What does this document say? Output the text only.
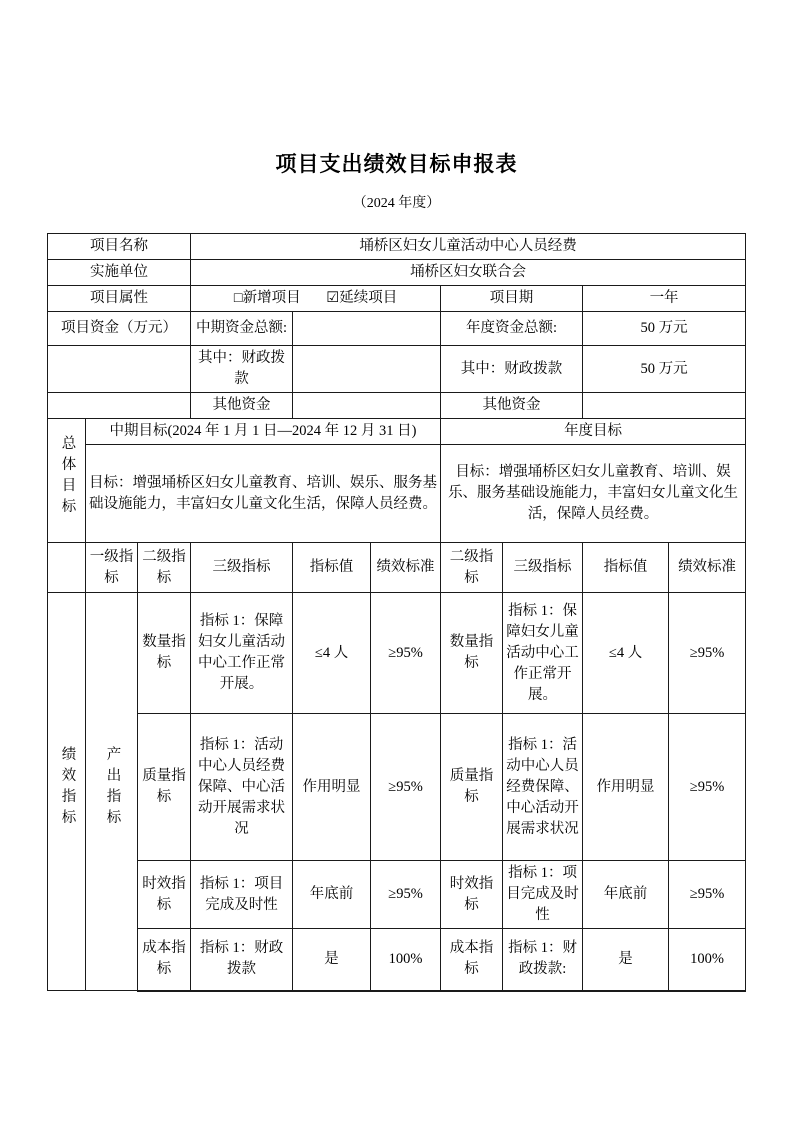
项目支出绩效目标申报表
（2024 年度）
项目名称			埇桥区妇女儿童活动中心人员经费						
实施单位			埇桥区妇女联合会						
项目属性			□新增项目 ☑延续项目			项目期		一年	
项目资金（万元）			中期资金总额:			年度资金总额:		50 万元	
			其中：财政拨款			其中：财政拨款		50 万元	
			其他资金			其他资金			
总体目标	中期目标(2024 年 1 月 1 日—2024 年 12 月 31 日)					年度目标			
	目标：增强埇桥区妇女儿童教育、培训、娱乐、服务基础设施能力，丰富妇女儿童文化生活，保障人员经费。					目标：增强埇桥区妇女儿童教育、培训、娱乐、服务基础设施能力，丰富妇女儿童文化生活，保障人员经费。			
	一级指标	二级指标	三级指标	指标值	绩效标准	二级指标	三级指标	指标值	绩效标准
绩效指标	产出指标	数量指标	指标 1：保障妇女儿童活动中心工作正常开展。	≤4 人	≥95%	数量指标	指标 1：保障妇女儿童活动中心工作正常开展。	≤4 人	≥95%
		质量指标	指标 1：活动中心人员经费保障、中心活动开展需求状况	作用明显	≥95%	质量指标	指标 1：活动中心人员经费保障、中心活动开展需求状况	作用明显	≥95%
		时效指标	指标 1：项目完成及时性	年底前	≥95%	时效指标	指标 1：项目完成及时性	年底前	≥95%
		成本指标	指标 1：财政拨款	是	100%	成本指标	指标 1：财政拨款:	是	100%
